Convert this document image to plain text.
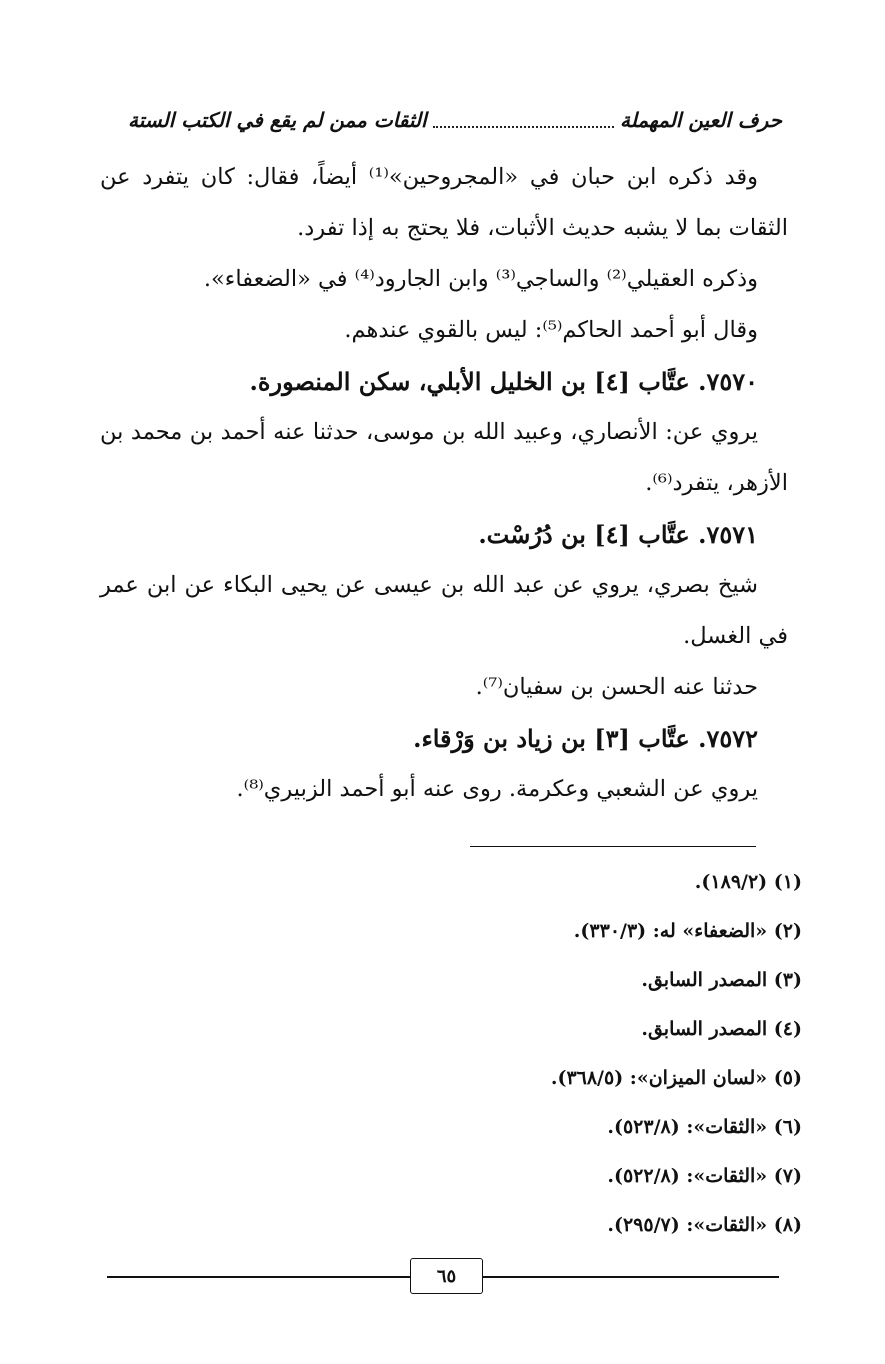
حرف العين المهملة
الثقات ممن لم يقع في الكتب الستة

وقد ذكره ابن حبان في «المجروحين»⁽¹⁾ أيضاً، فقال: كان يتفرد عن الثقات بما لا يشبه حديث الأثبات، فلا يحتج به إذا تفرد.

وذكره العقيلي⁽²⁾ والساجي⁽³⁾ وابن الجارود⁽⁴⁾ في «الضعفاء».

وقال أبو أحمد الحاكم⁽⁵⁾: ليس بالقوي عندهم.

٧٥٧٠. عتَّاب [٤] بن الخليل الأبلي، سكن المنصورة.

يروي عن: الأنصاري، وعبيد الله بن موسى، حدثنا عنه أحمد بن محمد بن الأزهر، يتفرد⁽⁶⁾.

٧٥٧١. عتَّاب [٤] بن دُرُسْت.

شيخ بصري، يروي عن عبد الله بن عيسى عن يحيى البكاء عن ابن عمر في الغسل.

حدثنا عنه الحسن بن سفيان⁽⁷⁾.

٧٥٧٢. عتَّاب [٣] بن زياد بن وَرْقاء.

يروي عن الشعبي وعكرمة. روى عنه أبو أحمد الزبيري⁽⁸⁾.

(١) (١٨٩/٢).
(٢) «الضعفاء» له: (٣٣٠/٣).
(٣) المصدر السابق.
(٤) المصدر السابق.
(٥) «لسان الميزان»: (٣٦٨/٥).
(٦) «الثقات»: (٥٢٣/٨).
(٧) «الثقات»: (٥٢٢/٨).
(٨) «الثقات»: (٢٩٥/٧).
٦٥
